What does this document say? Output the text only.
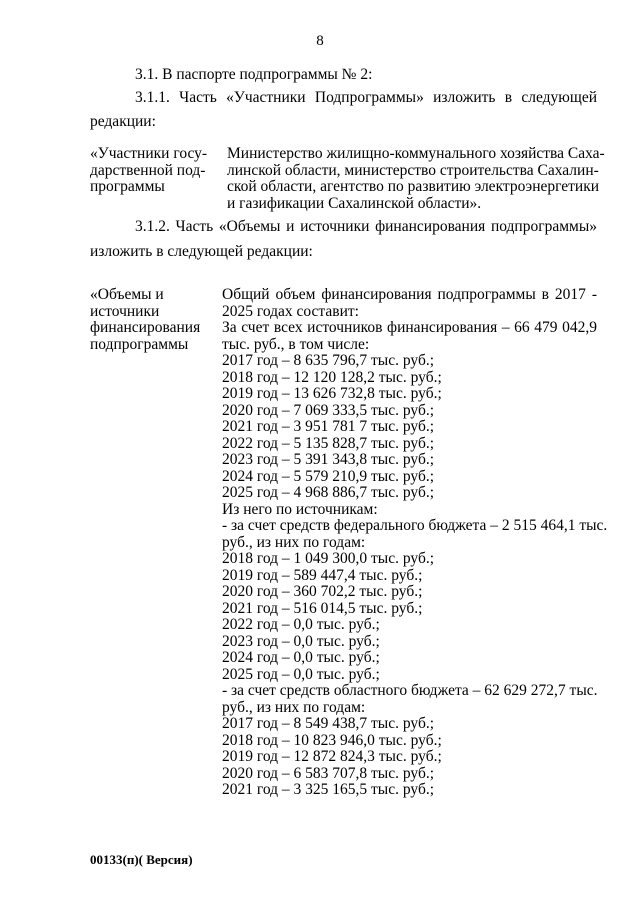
8
3.1. В паспорте подпрограммы № 2:
3.1.1. Часть «Участники Подпрограммы» изложить в следующей
редакции:
«Участники госу-
дарственной под-
программы
Министерство жилищно-коммунального хозяйства Саха-
линской области, министерство строительства Сахалин-
ской области, агентство по развитию электроэнергетики
и газификации Сахалинской области».
3.1.2. Часть «Объемы и источники финансирования подпрограммы»
изложить в следующей редакции:
«Объемы и
источники
финансирования
подпрограммы
Общий объем финансирования подпрограммы в 2017 -
2025 годах составит:
За счет всех источников финансирования – 66 479 042,9
тыс. руб., в том числе:
2017 год – 8 635 796,7 тыс. руб.;
2018 год – 12 120 128,2 тыс. руб.;
2019 год – 13 626 732,8 тыс. руб.;
2020 год – 7 069 333,5 тыс. руб.;
2021 год – 3 951 781 7 тыс. руб.;
2022 год – 5 135 828,7 тыс. руб.;
2023 год – 5 391 343,8 тыс. руб.;
2024 год – 5 579 210,9 тыс. руб.;
2025 год – 4 968 886,7 тыс. руб.;
Из него по источникам:
- за счет средств федерального бюджета – 2 515 464,1 тыс.
руб., из них по годам:
2018 год – 1 049 300,0 тыс. руб.;
2019 год – 589 447,4 тыс. руб.;
2020 год – 360 702,2 тыс. руб.;
2021 год – 516 014,5 тыс. руб.;
2022 год – 0,0 тыс. руб.;
2023 год – 0,0 тыс. руб.;
2024 год – 0,0 тыс. руб.;
2025 год – 0,0 тыс. руб.;
- за счет средств областного бюджета – 62 629 272,7 тыс.
руб., из них по годам:
2017 год – 8 549 438,7 тыс. руб.;
2018 год – 10 823 946,0 тыс. руб.;
2019 год – 12 872 824,3 тыс. руб.;
2020 год – 6 583 707,8 тыс. руб.;
2021 год – 3 325 165,5 тыс. руб.;
00133(п)( Версия)
